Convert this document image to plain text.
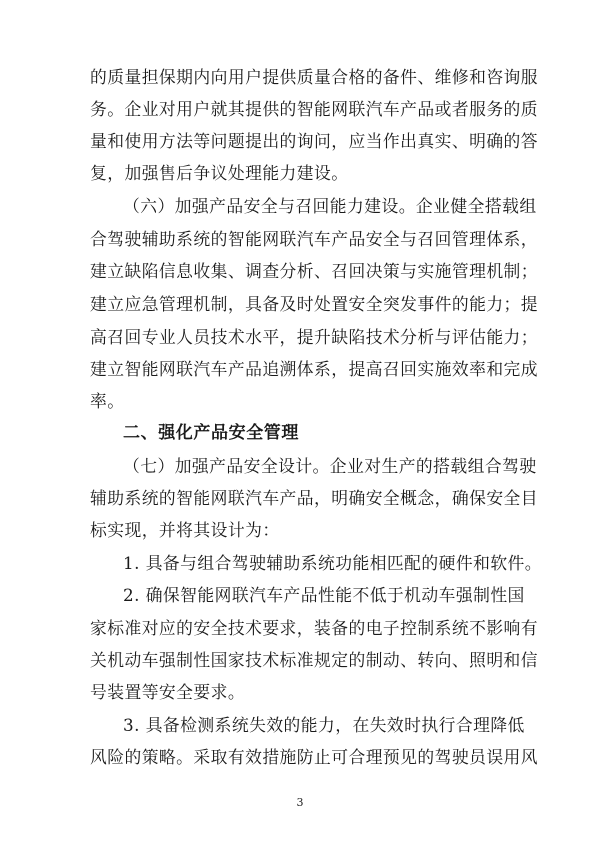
的质量担保期内向用户提供质量合格的备件、维修和咨询服
务。企业对用户就其提供的智能网联汽车产品或者服务的质
量和使用方法等问题提出的询问，应当作出真实、明确的答
复，加强售后争议处理能力建设。
（六）加强产品安全与召回能力建设。企业健全搭载组
合驾驶辅助系统的智能网联汽车产品安全与召回管理体系，
建立缺陷信息收集、调查分析、召回决策与实施管理机制；
建立应急管理机制，具备及时处置安全突发事件的能力；提
高召回专业人员技术水平，提升缺陷技术分析与评估能力；
建立智能网联汽车产品追溯体系，提高召回实施效率和完成
率。
二、强化产品安全管理
（七）加强产品安全设计。企业对生产的搭载组合驾驶
辅助系统的智能网联汽车产品，明确安全概念，确保安全目
标实现，并将其设计为：
1. 具备与组合驾驶辅助系统功能相匹配的硬件和软件。
2. 确保智能网联汽车产品性能不低于机动车强制性国
家标准对应的安全技术要求，装备的电子控制系统不影响有
关机动车强制性国家技术标准规定的制动、转向、照明和信
号装置等安全要求。
3. 具备检测系统失效的能力，在失效时执行合理降低
风险的策略。采取有效措施防止可合理预见的驾驶员误用风
3
